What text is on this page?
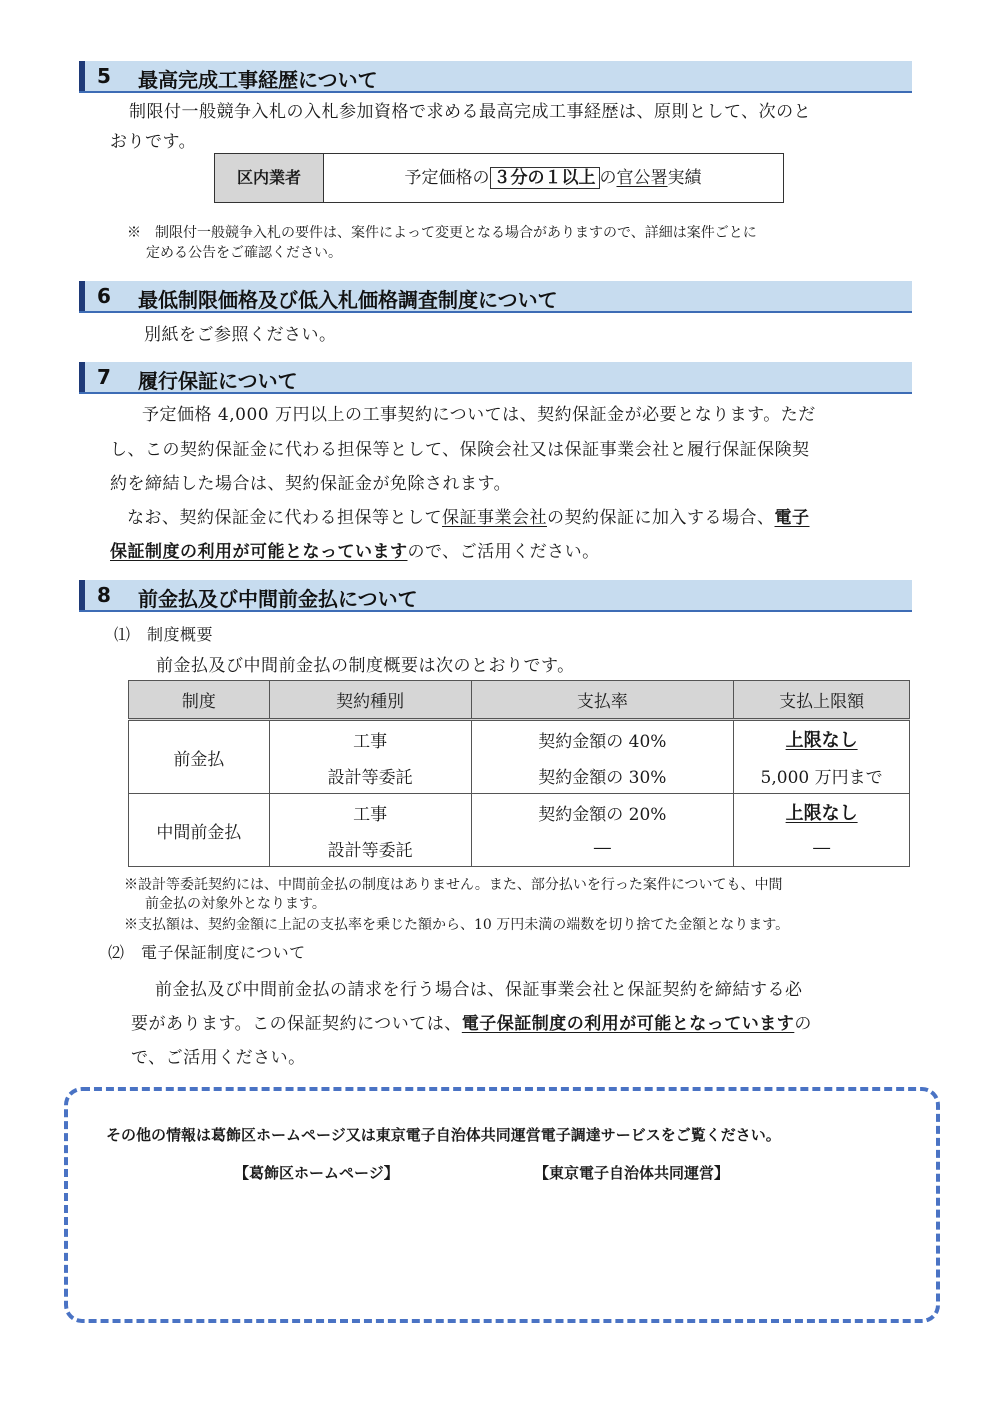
5 最高完成工事経歴について
制限付一般競争入札の入札参加資格で求める最高完成工事経歴は、原則として、次のと
おりです。
区内業者	予定価格の ３分の１以上 の官公署実績
※　制限付一般競争入札の要件は、案件によって変更となる場合がありますので、詳細は案件ごとに
定める公告をご確認ください。
6 最低制限価格及び低入札価格調査制度について
別紙をご参照ください。
7 履行保証について
予定価格 4,000 万円以上の工事契約については、契約保証金が必要となります。ただ
し、この契約保証金に代わる担保等として、保険会社又は保証事業会社と履行保証保険契
約を締結した場合は、契約保証金が免除されます。
なお、契約保証金に代わる担保等として保証事業会社の契約保証に加入する場合、電子
保証制度の利用が可能となっていますので、ご活用ください。
8 前金払及び中間前金払について
⑴　制度概要
前金払及び中間前金払の制度概要は次のとおりです。
制度	契約種別	支払率	支払上限額
前金払	工事	契約金額の 40%	上限なし
	設計等委託	契約金額の 30%	5,000 万円まで
中間前金払	工事	契約金額の 20%	上限なし
	設計等委託	―	―
※設計等委託契約には、中間前金払の制度はありません。また、部分払いを行った案件についても、中間
前金払の対象外となります。
※支払額は、契約金額に上記の支払率を乗じた額から、10 万円未満の端数を切り捨てた金額となります。
⑵　電子保証制度について
前金払及び中間前金払の請求を行う場合は、保証事業会社と保証契約を締結する必
要があります。この保証契約については、電子保証制度の利用が可能となっていますの
で、ご活用ください。
その他の情報は葛飾区ホームページ又は東京電子自治体共同運営電子調達サービスをご覧ください。
【葛飾区ホームページ】	【東京電子自治体共同運営】
